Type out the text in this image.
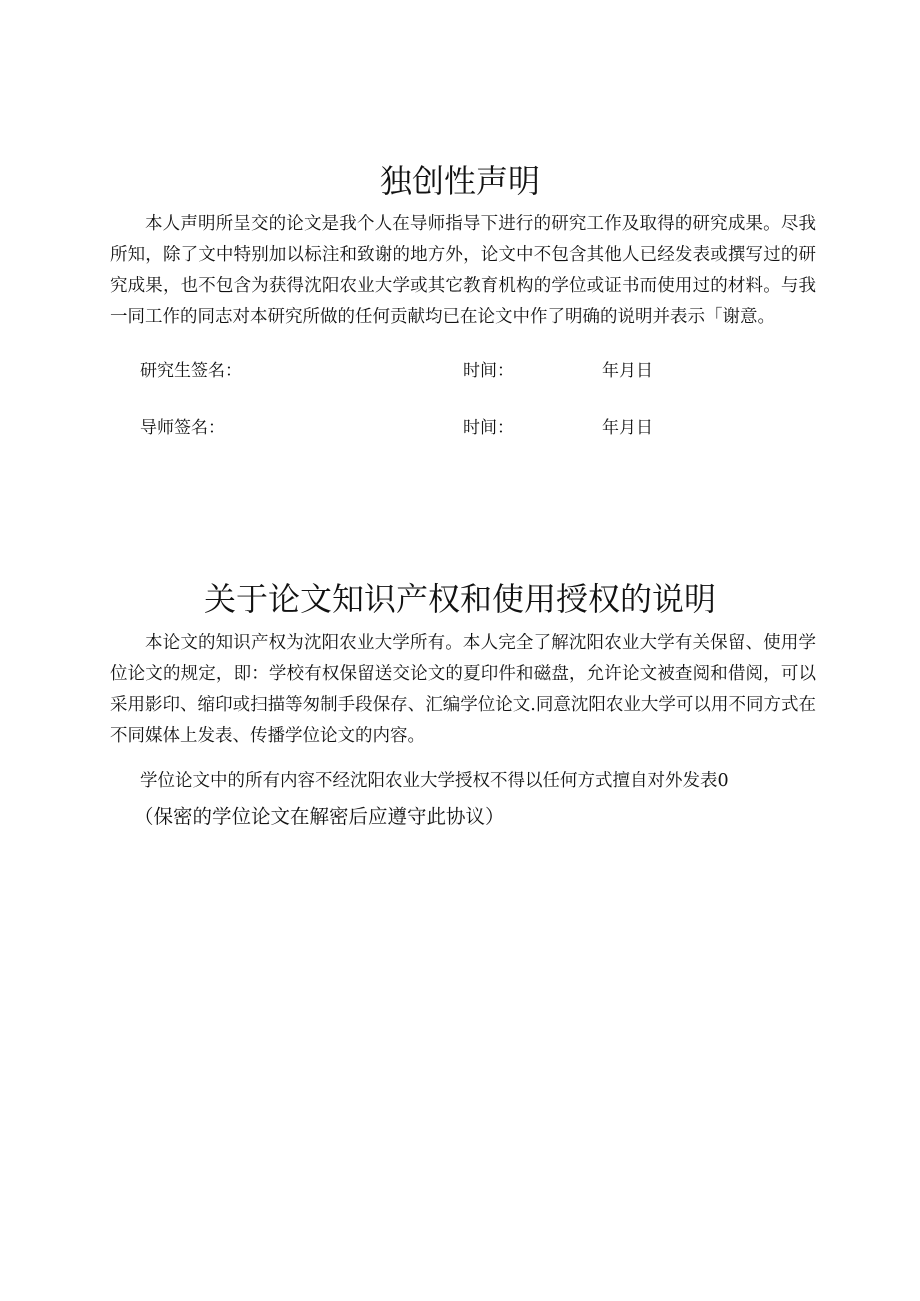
独创性声明

本人声明所呈交的论文是我个人在导师指导下进行的研究工作及取得的研究成果。尽我所知，除了文中特别加以标注和致谢的地方外，论文中不包含其他人已经发表或撰写过的研究成果，也不包含为获得沈阳农业大学或其它教育机构的学位或证书而使用过的材料。与我一同工作的同志对本研究所做的任何贡献均已在论文中作了明确的说明并表示「谢意。

研究生签名：	时间：	年月日
导师签名：	时间：	年月日
关于论文知识产权和使用授权的说明

本论文的知识产权为沈阳农业大学所有。本人完全了解沈阳农业大学有关保留、使用学位论文的规定，即：学校有权保留送交论文的夏印件和磁盘，允许论文被查阅和借阅，可以采用影印、缩印或扫描等匆制手段保存、汇编学位论文.同意沈阳农业大学可以用不同方式在不同媒体上发表、传播学位论文的内容。

学位论文中的所有内容不经沈阳农业大学授权不得以任何方式擅自对外发表0
（保密的学位论文在解密后应遵守此协议）
